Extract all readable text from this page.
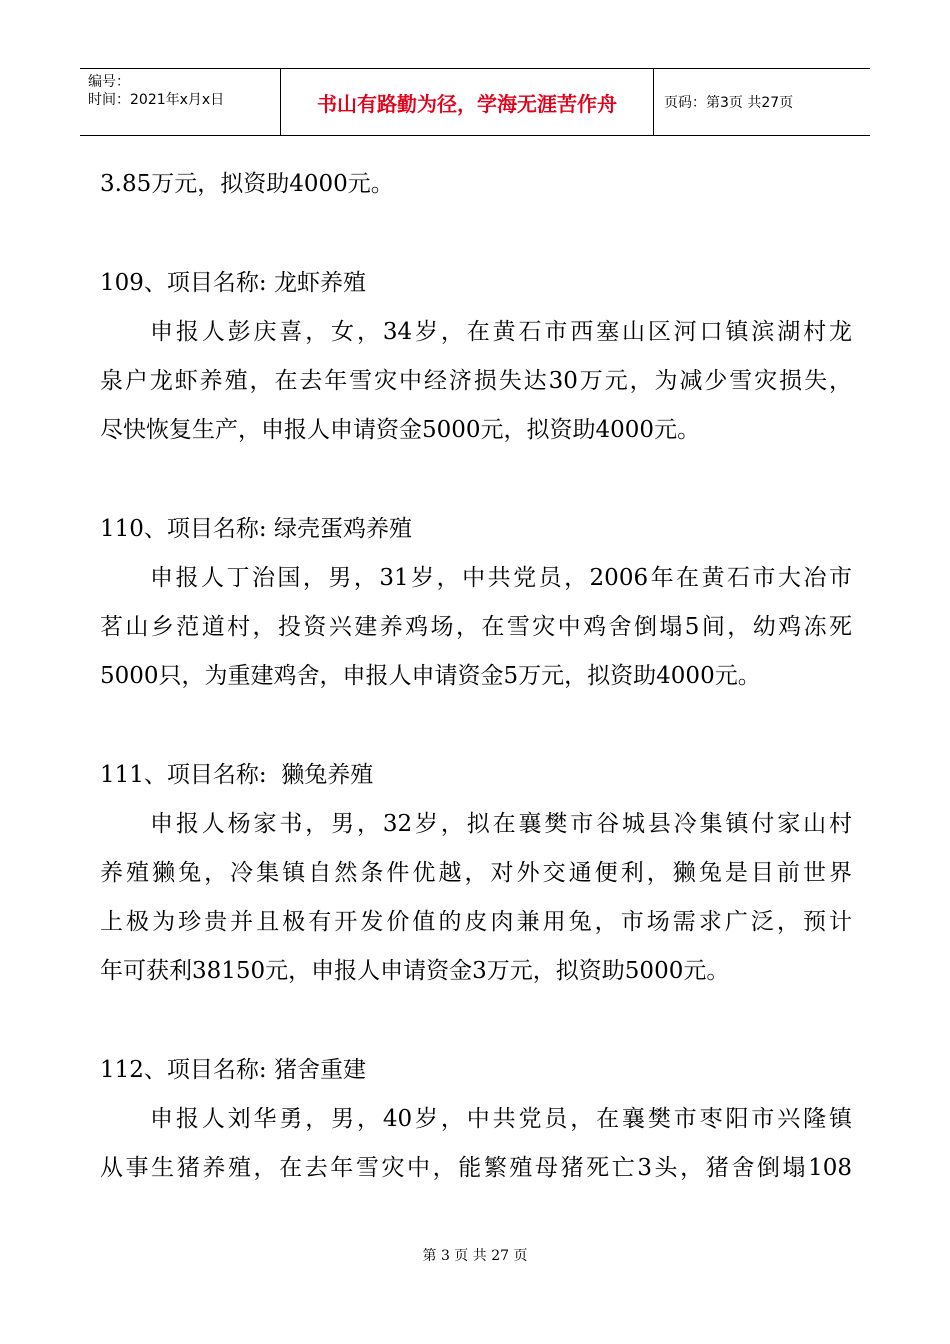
编号：
时间：2021年x月x日	书山有路勤为径，学海无涯苦作舟	页码：第3页 共27页
3.85万元，拟资助4000元。
109、项目名称: 龙虾养殖
申报人彭庆喜，女，34岁，在黄石市西塞山区河口镇滨湖村龙
泉户龙虾养殖，在去年雪灾中经济损失达30万元，为减少雪灾损失，
尽快恢复生产，申报人申请资金5000元，拟资助4000元。
110、项目名称: 绿壳蛋鸡养殖
申报人丁治国，男，31岁，中共党员，2006年在黄石市大冶市
茗山乡范道村，投资兴建养鸡场，在雪灾中鸡舍倒塌5间，幼鸡冻死
5000只，为重建鸡舍，申报人申请资金5万元，拟资助4000元。
111、项目名称:  獭兔养殖
申报人杨家书，男，32岁，拟在襄樊市谷城县冷集镇付家山村
养殖獭兔，冷集镇自然条件优越，对外交通便利，獭兔是目前世界
上极为珍贵并且极有开发价值的皮肉兼用兔，市场需求广泛，预计
年可获利38150元，申报人申请资金3万元，拟资助5000元。
112、项目名称: 猪舍重建
申报人刘华勇，男，40岁，中共党员，在襄樊市枣阳市兴隆镇
从事生猪养殖，在去年雪灾中，能繁殖母猪死亡3头，猪舍倒塌108
第 3 页 共 27 页
